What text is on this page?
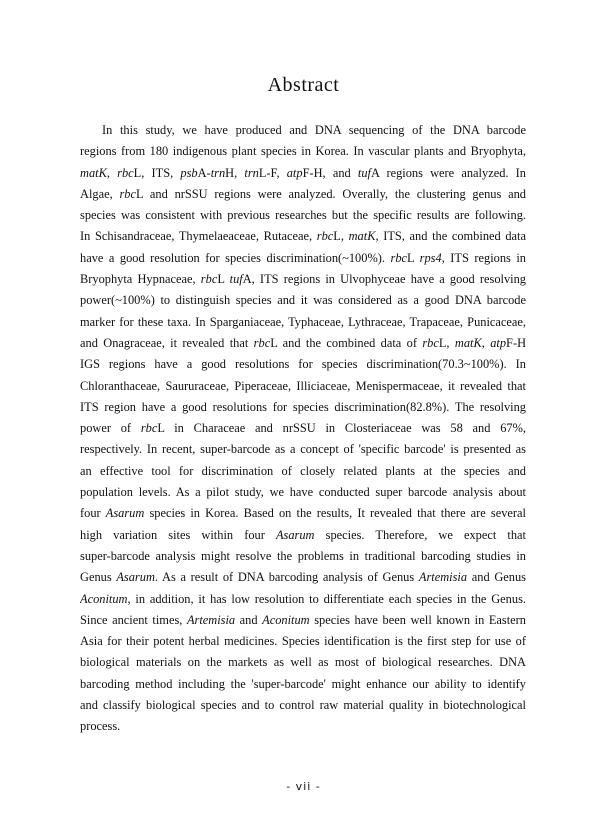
Abstract
In this study, we have produced and DNA sequencing of the DNA barcode
regions from 180 indigenous plant species in Korea. In vascular plants and Bryophyta,
matK, rbcL, ITS, psbA-trnH, trnL-F, atpF-H, and tufA regions were analyzed. In
Algae, rbcL and nrSSU regions were analyzed. Overally, the clustering genus and
species was consistent with previous researches but the specific results are following.
In Schisandraceae, Thymelaeaceae, Rutaceae, rbcL, matK, ITS, and the combined data
have a good resolution for species discrimination(~100%). rbcL rps4, ITS regions in
Bryophyta Hypnaceae, rbcL tufA, ITS regions in Ulvophyceae have a good resolving
power(~100%) to distinguish species and it was considered as a good DNA barcode
marker for these taxa. In Sparganiaceae, Typhaceae, Lythraceae, Trapaceae, Punicaceae,
and Onagraceae, it revealed that rbcL and the combined data of rbcL, matK, atpF-H
IGS regions have a good resolutions for species discrimination(70.3~100%). In
Chloranthaceae, Saururaceae, Piperaceae, Illiciaceae, Menispermaceae, it revealed that
ITS region have a good resolutions for species discrimination(82.8%). The resolving
power of rbcL in Characeae and nrSSU in Closteriaceae was 58 and 67%,
respectively. In recent, super-barcode as a concept of 'specific barcode' is presented as
an effective tool for discrimination of closely related plants at the species and
population levels. As a pilot study, we have conducted super barcode analysis about
four Asarum species in Korea. Based on the results, It revealed that there are several
high variation sites within four Asarum species. Therefore, we expect that
super-barcode analysis might resolve the problems in traditional barcoding studies in
Genus Asarum. As a result of DNA barcoding analysis of Genus Artemisia and Genus
Aconitum, in addition, it has low resolution to differentiate each species in the Genus.
Since ancient times, Artemisia and Aconitum species have been well known in Eastern
Asia for their potent herbal medicines. Species identification is the first step for use of
biological materials on the markets as well as most of biological researches. DNA
barcoding method including the 'super-barcode' might enhance our ability to identify
and classify biological species and to control raw material quality in biotechnological
process.

- vii -
